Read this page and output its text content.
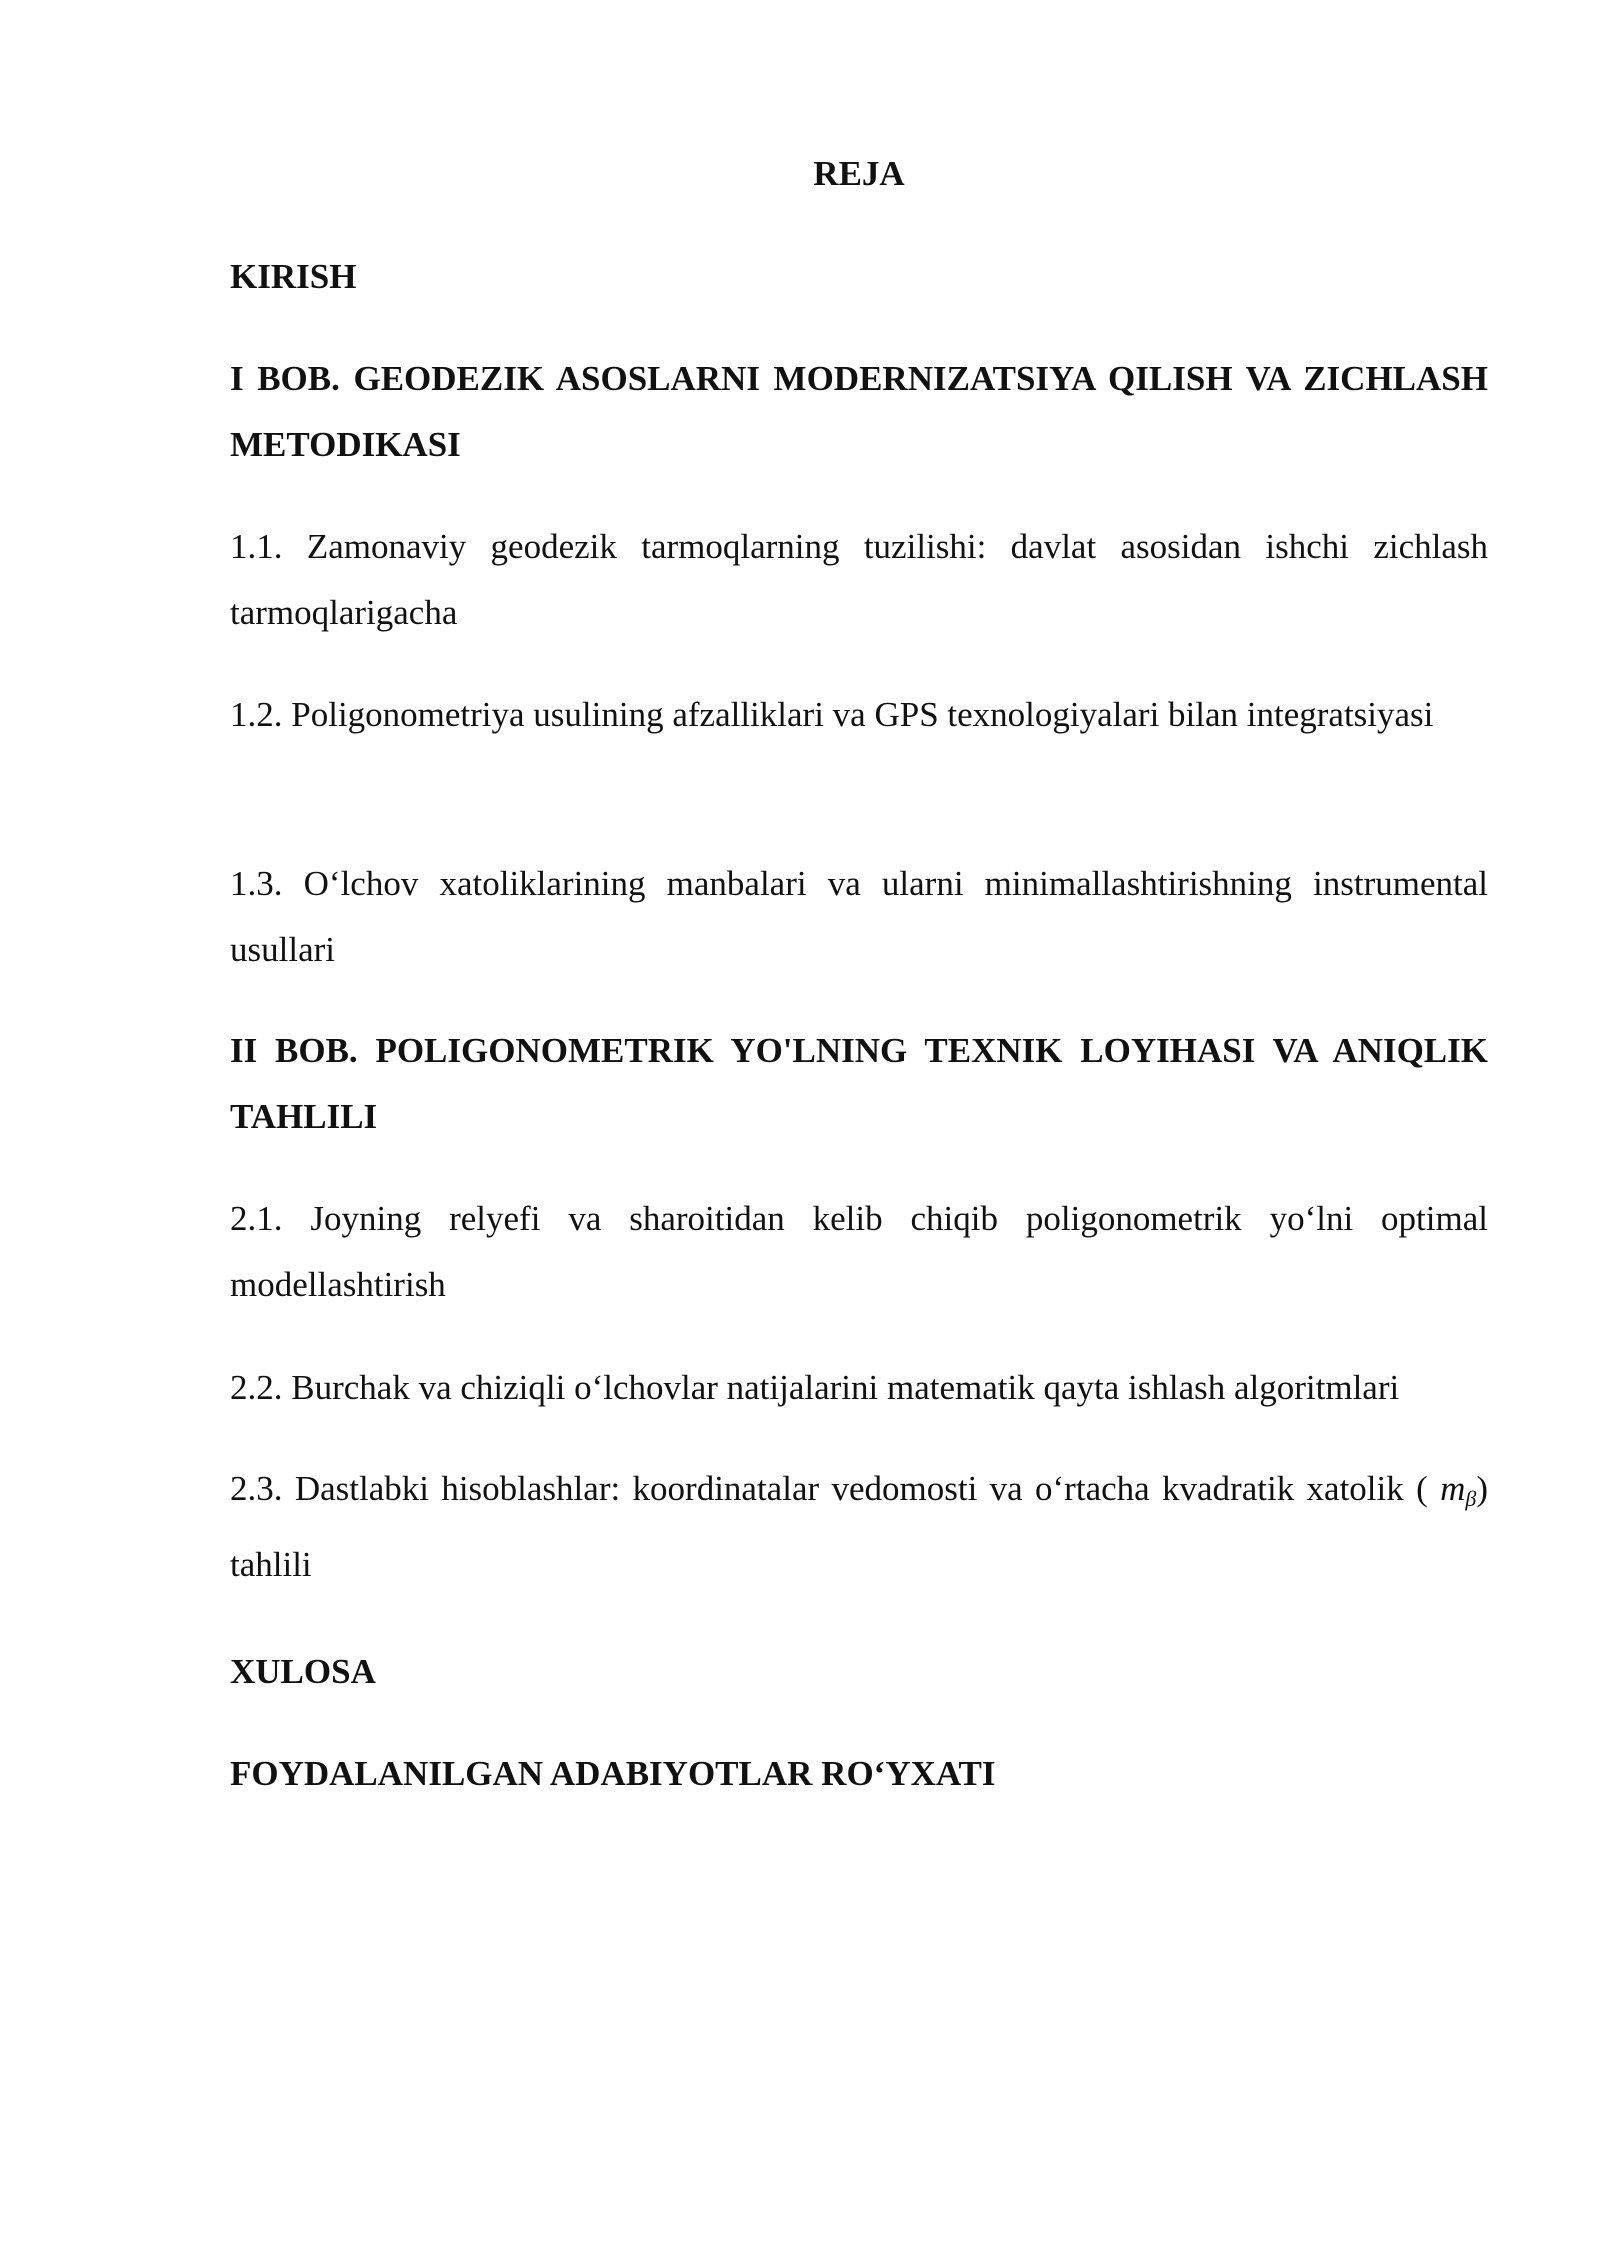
REJA
KIRISH
I BOB. GEODEZIK ASOSLARNI MODERNIZATSIYA QILISH VA ZICHLASH METODIKASI
1.1. Zamonaviy geodezik tarmoqlarning tuzilishi: davlat asosidan ishchi zichlash tarmoqlarigacha
1.2. Poligonometriya usulining afzalliklari va GPS texnologiyalari bilan integratsiyasi
1.3. O‘lchov xatoliklarining manbalari va ularni minimallashtirishning instrumental usullari
II BOB. POLIGONOMETRIK YO'LNING TEXNIK LOYIHASI VA ANIQLIK TAHLILI
2.1. Joyning relyefi va sharoitidan kelib chiqib poligonometrik yo‘lni optimal modellashtirish
2.2. Burchak va chiziqli o‘lchovlar natijalarini matematik qayta ishlash algoritmlari
2.3. Dastlabki hisoblashlar: koordinatalar vedomosti va o‘rtacha kvadratik xatolik ( mβ) tahlili
XULOSA
FOYDALANILGAN ADABIYOTLAR RO‘YXATI
